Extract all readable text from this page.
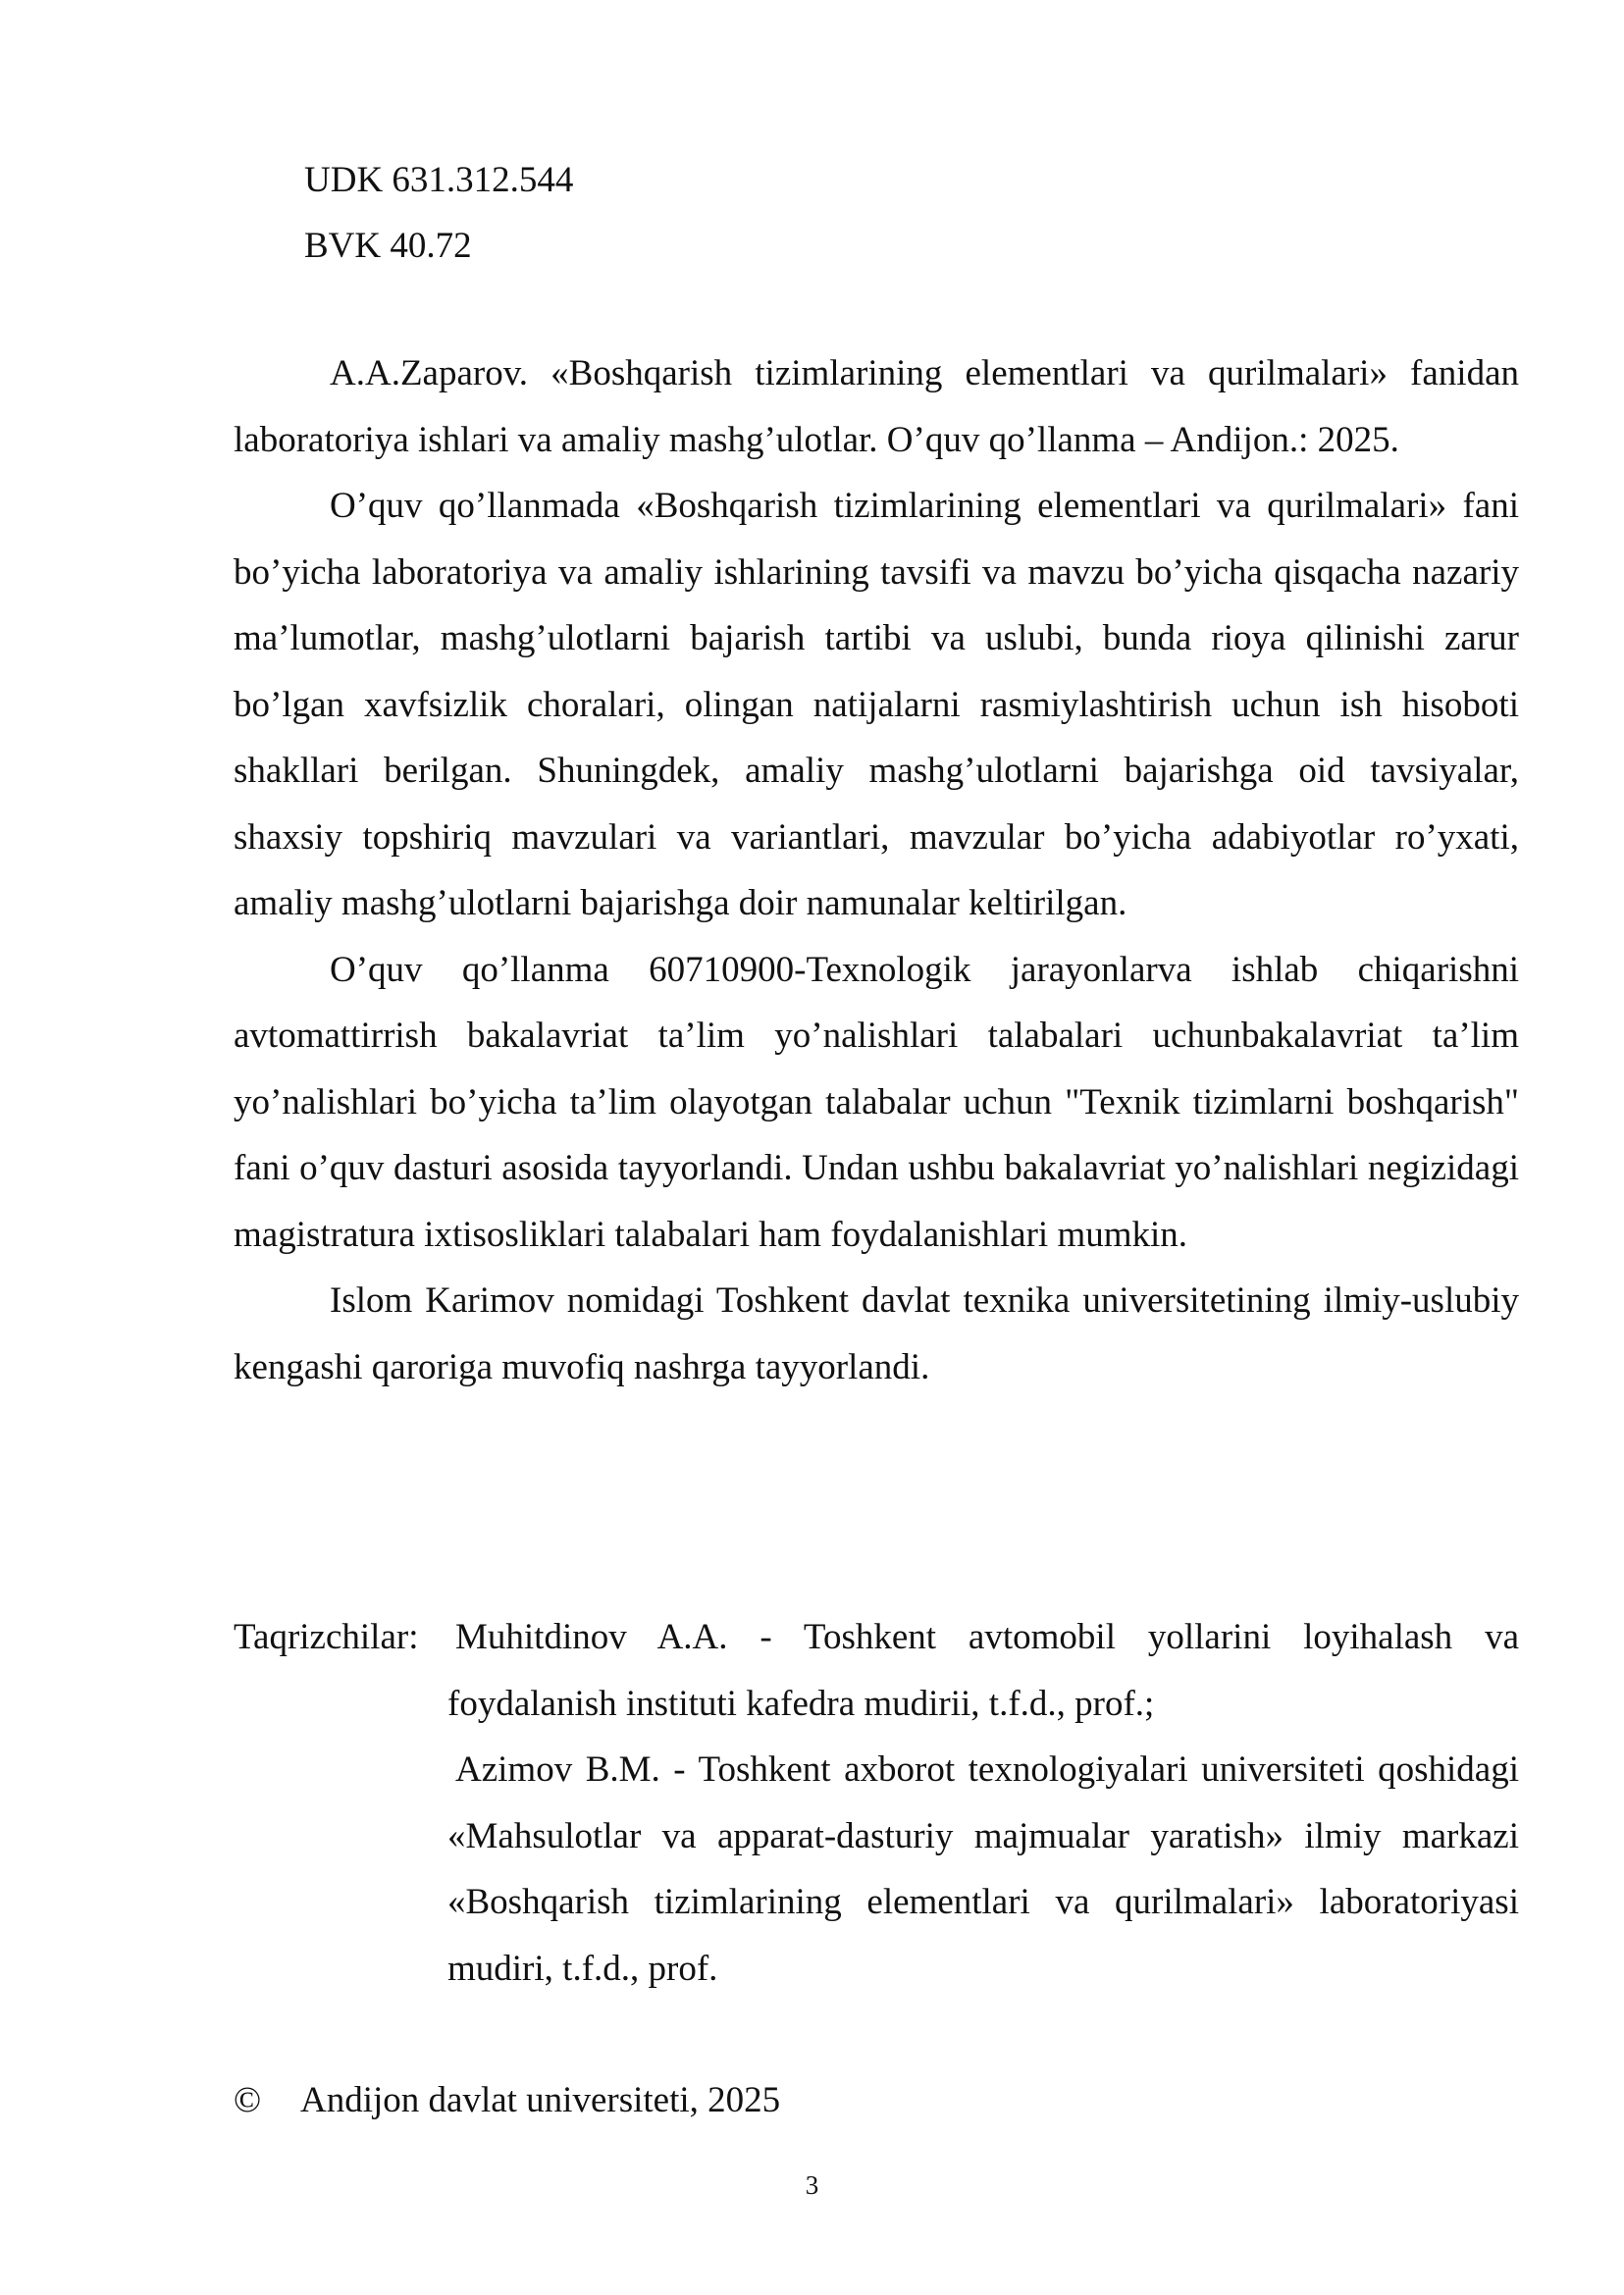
UDK 631.312.544
BVK 40.72

A.A.Zaparov. «Boshqarish tizimlarining elementlari va qurilmalari» fanidan laboratoriya ishlari va amaliy mashg’ulotlar. O’quv qo’llanma – Andijon.: 2025.

O’quv qo’llanmada «Boshqarish tizimlarining elementlari va qurilmalari» fani bo’yicha laboratoriya va amaliy ishlarining tavsifi va mavzu bo’yicha qisqacha nazariy ma’lumotlar, mashg’ulotlarni bajarish tartibi va uslubi, bunda rioya qilinishi zarur bo’lgan xavfsizlik choralari, olingan natijalarni rasmiylashtirish uchun ish hisoboti shakllari berilgan. Shuningdek, amaliy mashg’ulotlarni bajarishga oid tavsiyalar, shaxsiy topshiriq mavzulari va variantlari, mavzular bo’yicha adabiyotlar ro’yxati, amaliy mashg’ulotlarni bajarishga doir namunalar keltirilgan.

O’quv qo’llanma 60710900-Texnologik jarayonlarva ishlab chiqarishni avtomattirrish bakalavriat ta’lim yo’nalishlari talabalari uchunbakalavriat ta’lim yo’nalishlari bo’yicha ta’lim olayotgan talabalar uchun "Texnik tizimlarni boshqarish" fani o’quv dasturi asosida tayyorlandi. Undan ushbu bakalavriat yo’nalishlari negizidagi magistratura ixtisosliklari talabalari ham foydalanishlari mumkin.

Islom Karimov nomidagi Toshkent davlat texnika universitetining ilmiy-uslubiy kengashi qaroriga muvofiq nashrga tayyorlandi.

Taqrizchilar:	Muhitdinov A.A. - Toshkent avtomobil yollarini loyihalash va foydalanish instituti kafedra mudirii, t.f.d., prof.;

Azimov B.M. - Toshkent axborot texnologiyalari universiteti qoshidagi «Mahsulotlar va apparat-dasturiy majmualar yaratish» ilmiy markazi «Boshqarish tizimlarining elementlari va qurilmalari» laboratoriyasi mudiri, t.f.d., prof.

© Andijon davlat universiteti, 2025
3
